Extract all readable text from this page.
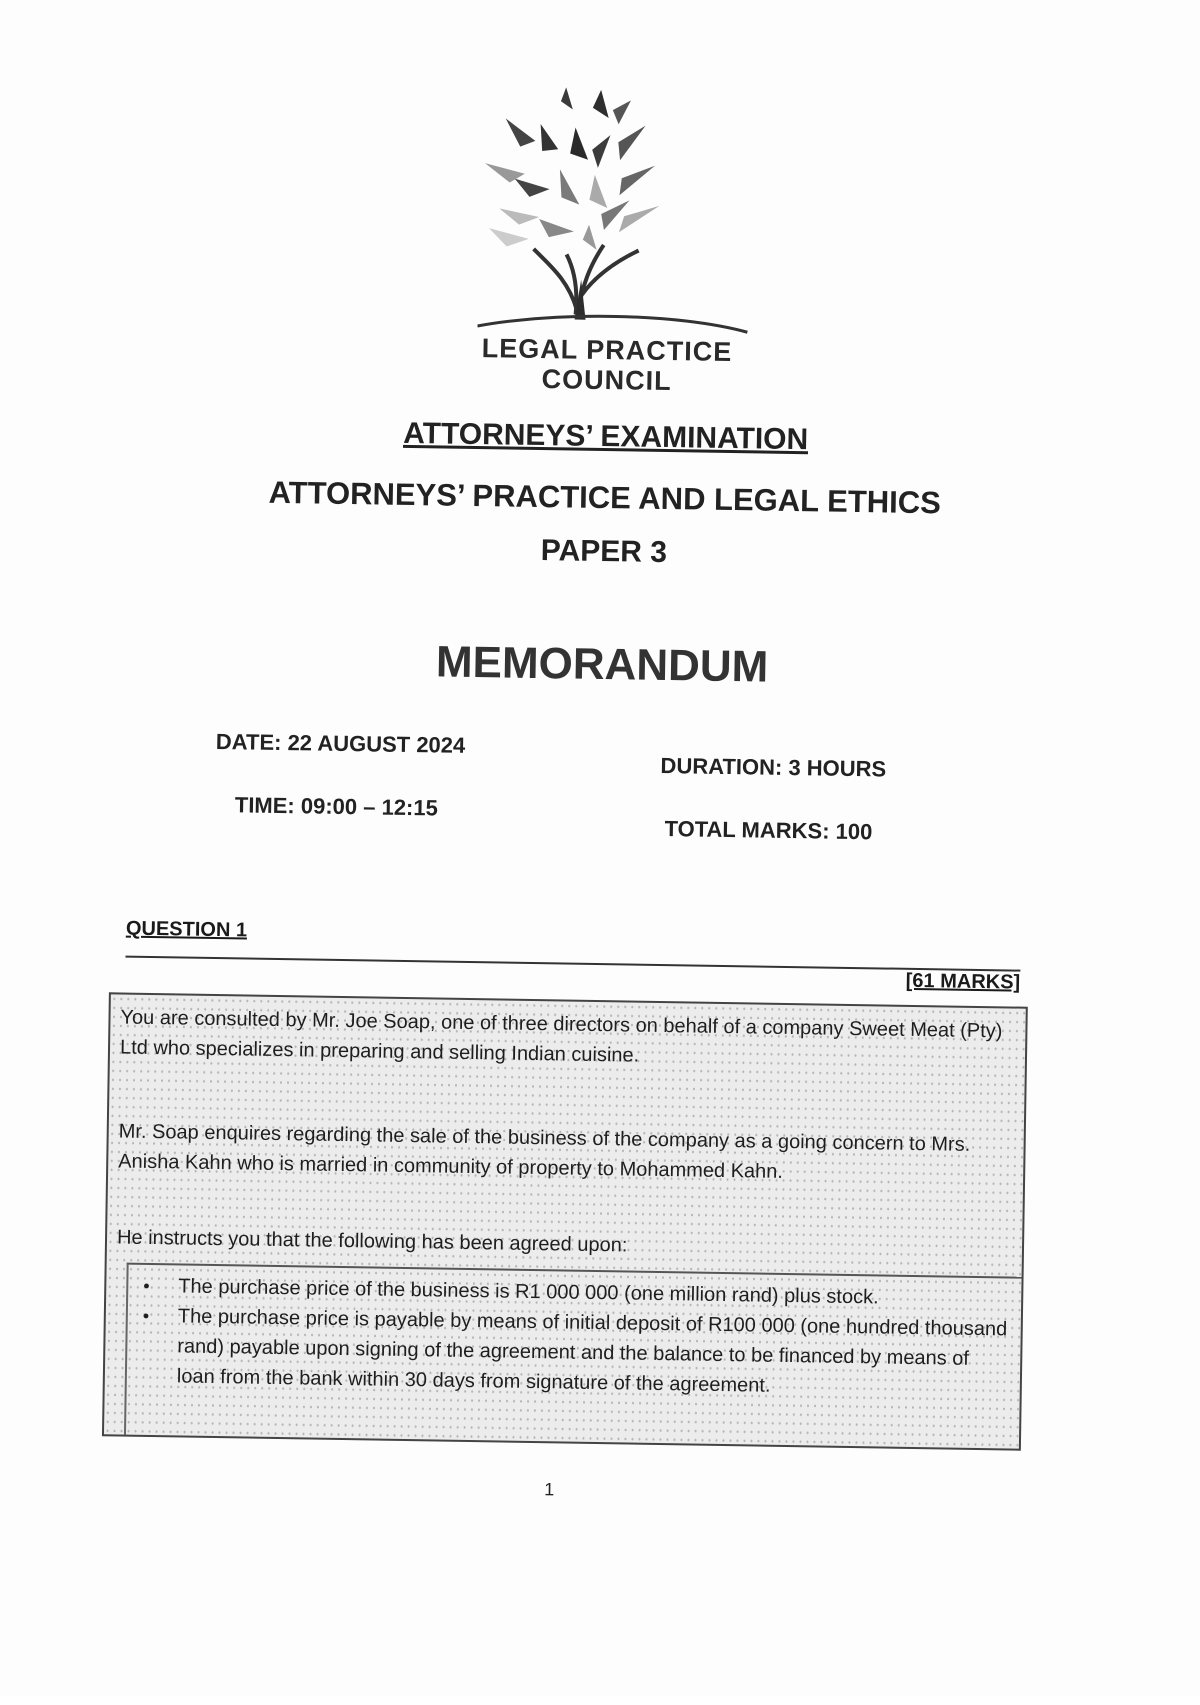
LEGAL PRACTICE
COUNCIL
ATTORNEYS’ EXAMINATION
ATTORNEYS’ PRACTICE AND LEGAL ETHICS
PAPER 3
MEMORANDUM
DATE: 22 AUGUST 2024
TIME: 09:00 – 12:15
DURATION: 3 HOURS
TOTAL MARKS: 100
QUESTION 1
[61 MARKS]

You are consulted by Mr. Joe Soap, one of three directors on behalf of a company Sweet Meat (Pty) Ltd who specializes in preparing and selling Indian cuisine.

Mr. Soap enquires regarding the sale of the business of the company as a going concern to Mrs. Anisha Kahn who is married in community of property to Mohammed Kahn.

He instructs you that the following has been agreed upon:

• The purchase price of the business is R1 000 000 (one million rand) plus stock.
• The purchase price is payable by means of initial deposit of R100 000 (one hundred thousand rand) payable upon signing of the agreement and the balance to be financed by means of loan from the bank within 30 days from signature of the agreement.
1
